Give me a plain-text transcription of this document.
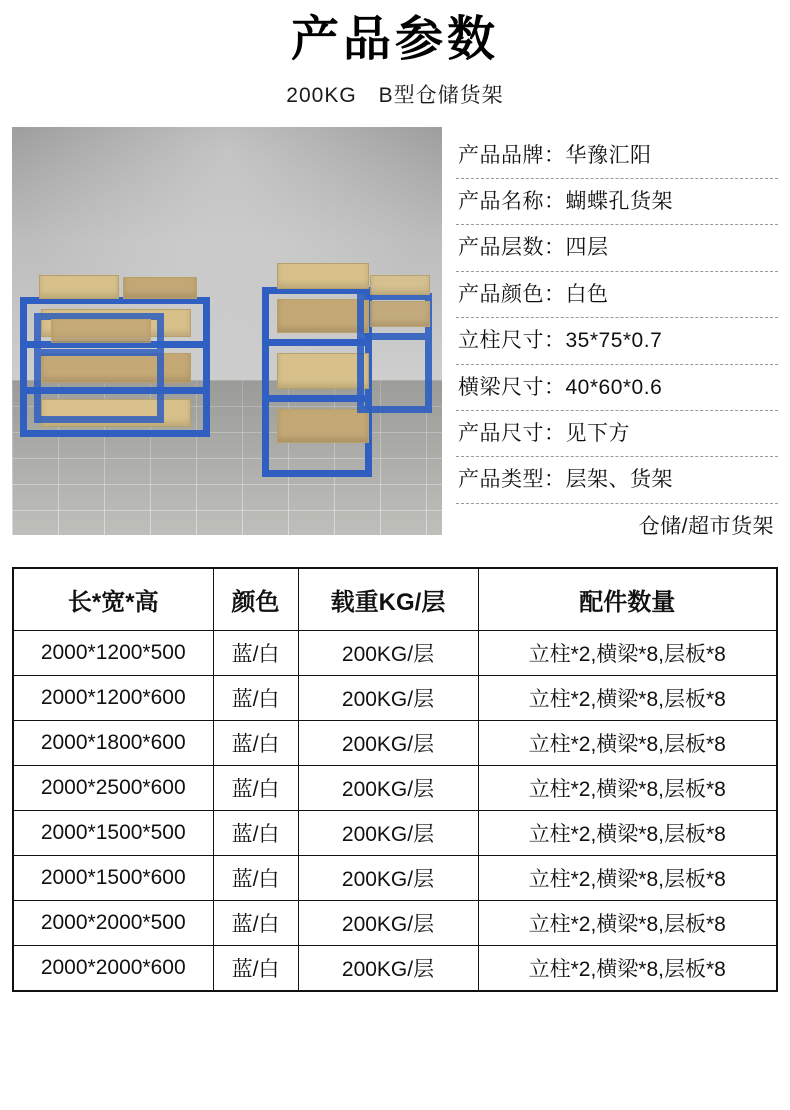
产品参数
200KG　B型仓储货架
产品品牌：华豫汇阳
产品名称：蝴蝶孔货架
产品层数：四层
产品颜色：白色
立柱尺寸：35*75*0.7
横梁尺寸：40*60*0.6
产品尺寸：见下方
产品类型：层架、货架
仓储/超市货架
长*宽*高	颜色	载重KG/层	配件数量
2000*1200*500	蓝/白	200KG/层	立柱*2,横梁*8,层板*8
2000*1200*600	蓝/白	200KG/层	立柱*2,横梁*8,层板*8
2000*1800*600	蓝/白	200KG/层	立柱*2,横梁*8,层板*8
2000*2500*600	蓝/白	200KG/层	立柱*2,横梁*8,层板*8
2000*1500*500	蓝/白	200KG/层	立柱*2,横梁*8,层板*8
2000*1500*600	蓝/白	200KG/层	立柱*2,横梁*8,层板*8
2000*2000*500	蓝/白	200KG/层	立柱*2,横梁*8,层板*8
2000*2000*600	蓝/白	200KG/层	立柱*2,横梁*8,层板*8
